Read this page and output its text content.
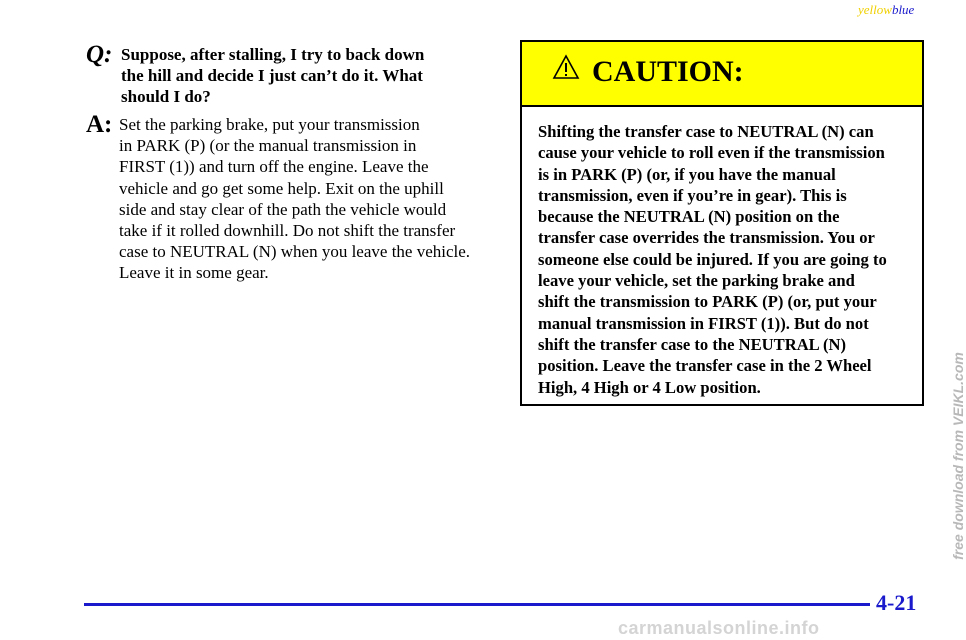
yellowblue
Q: Suppose, after stalling, I try to back down
the hill and decide I just can’t do it. What
should I do?
A: Set the parking brake, put your transmission
in PARK (P) (or the manual transmission in
FIRST (1)) and turn off the engine. Leave the
vehicle and go get some help. Exit on the uphill
side and stay clear of the path the vehicle would
take if it rolled downhill. Do not shift the transfer
case to NEUTRAL (N) when you leave the vehicle.
Leave it in some gear.
CAUTION:
Shifting the transfer case to NEUTRAL (N) can
cause your vehicle to roll even if the transmission
is in PARK (P) (or, if you have the manual
transmission, even if you’re in gear). This is
because the NEUTRAL (N) position on the
transfer case overrides the transmission. You or
someone else could be injured. If you are going to
leave your vehicle, set the parking brake and
shift the transmission to PARK (P) (or, put your
manual transmission in FIRST (1)). But do not
shift the transfer case to the NEUTRAL (N)
position. Leave the transfer case in the 2 Wheel
High, 4 High or 4 Low position.	free download from VEIKL.com
4-21
carmanualsonline.info
